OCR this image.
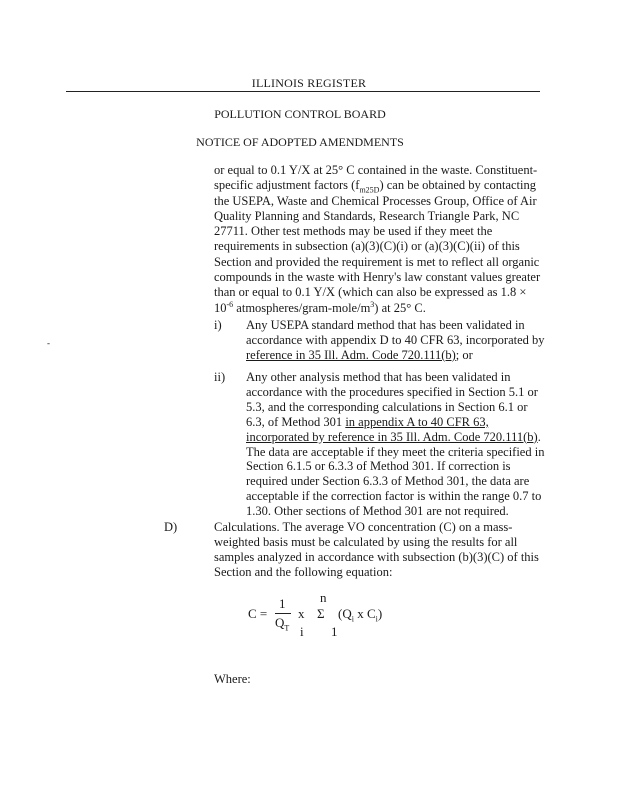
ILLINOIS REGISTER
POLLUTION CONTROL BOARD
NOTICE OF ADOPTED AMENDMENTS
or equal to 0.1 Y/X at 25° C contained in the waste. Constituent-specific adjustment factors $(f_{m25D})$ can be obtained by contacting the USEPA, Waste and Chemical Processes Group, Office of Air Quality Planning and Standards, Research Triangle Park, NC 27711. Other test methods may be used if they meet the requirements in subsection (a)(3)(C)(i) or (a)(3)(C)(ii) of this Section and provided the requirement is met to reflect all organic compounds in the waste with Henry's law constant values greater than or equal to 0.1 Y/X (which can also be expressed as $1.8 \times 10^{-6}$ atmospheres/$gram-mole/m^3$) at 25° C.
-
i) Any USEPA standard method that has been validated in accordance with appendix D to 40 CFR 63, incorporated by reference in 35 Ill. Adm. Code 720.111(b); or
ii) Any other analysis method that has been validated in accordance with the procedures specified in Section 5.1 or 5.3, and the corresponding calculations in Section 6.1 or 6.3, of Method 301 in appendix A to 40 CFR 63, incorporated by reference in 35 Ill. Adm. Code 720.111(b). The data are acceptable if they meet the criteria specified in Section 6.1.5 or 6.3.3 of Method 301. If correction is required under Section 6.3.3 of Method 301, the data are acceptable if the correction factor is within the range 0.7 to 1.30. Other sections of Method 301 are not required.
D)	Calculations. The average VO concentration (C) on a mass-weighted basis must be calculated by using the results for all samples analyzed in accordance with subsection (b)(3)(C) of this Section and the following equation:
n
C =
1
$Q_T$
x Σ ($Q_i$ x $C_i$)
i 1
Where:
